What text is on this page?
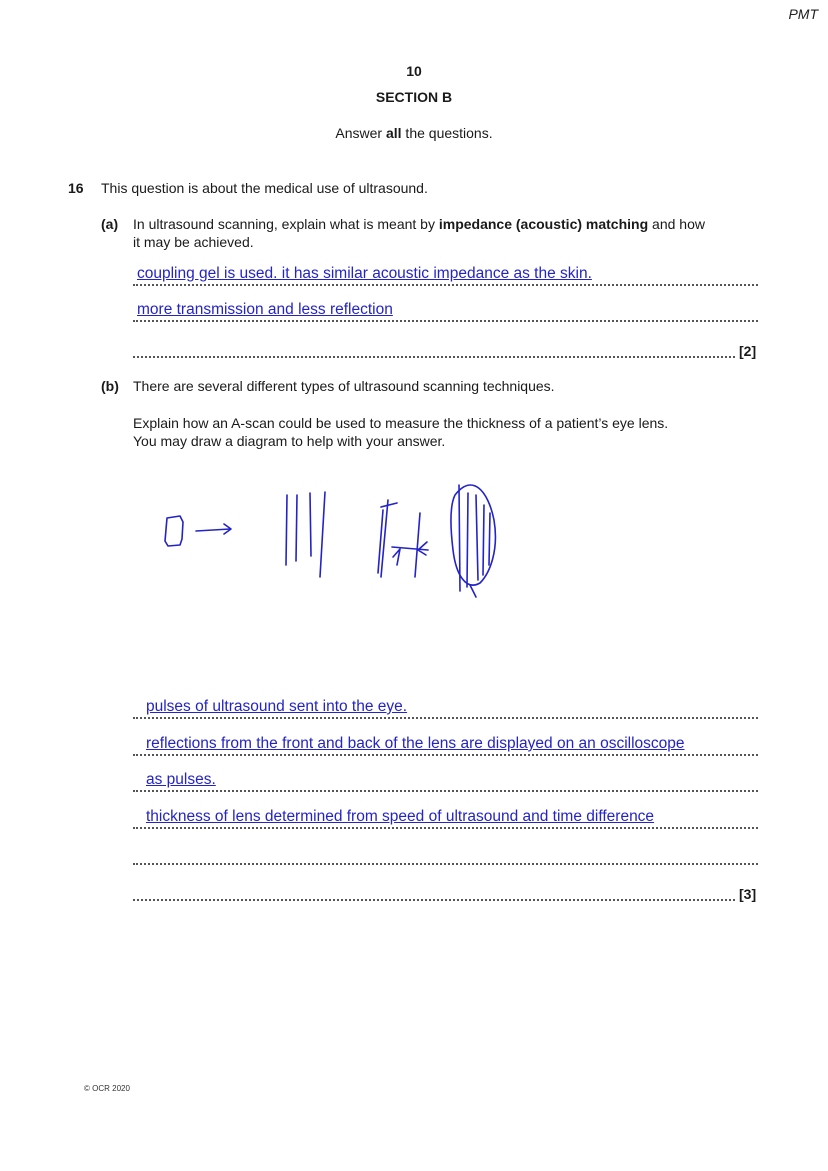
PMT
10
SECTION B
Answer all the questions.
16 This question is about the medical use of ultrasound.
(a) In ultrasound scanning, explain what is meant by impedance (acoustic) matching and how
it may be achieved.
coupling gel is used. it has similar acoustic impedance as the skin.
more transmission and less reflection
[2]
(b) There are several different types of ultrasound scanning techniques.
Explain how an A-scan could be used to measure the thickness of a patient’s eye lens.
You may draw a diagram to help with your answer.
pulses of ultrasound sent into the eye.
reflections from the front and back of the lens are displayed on an oscilloscope
as pulses.
thickness of lens determined from speed of ultrasound and time difference
[3]
© OCR 2020
